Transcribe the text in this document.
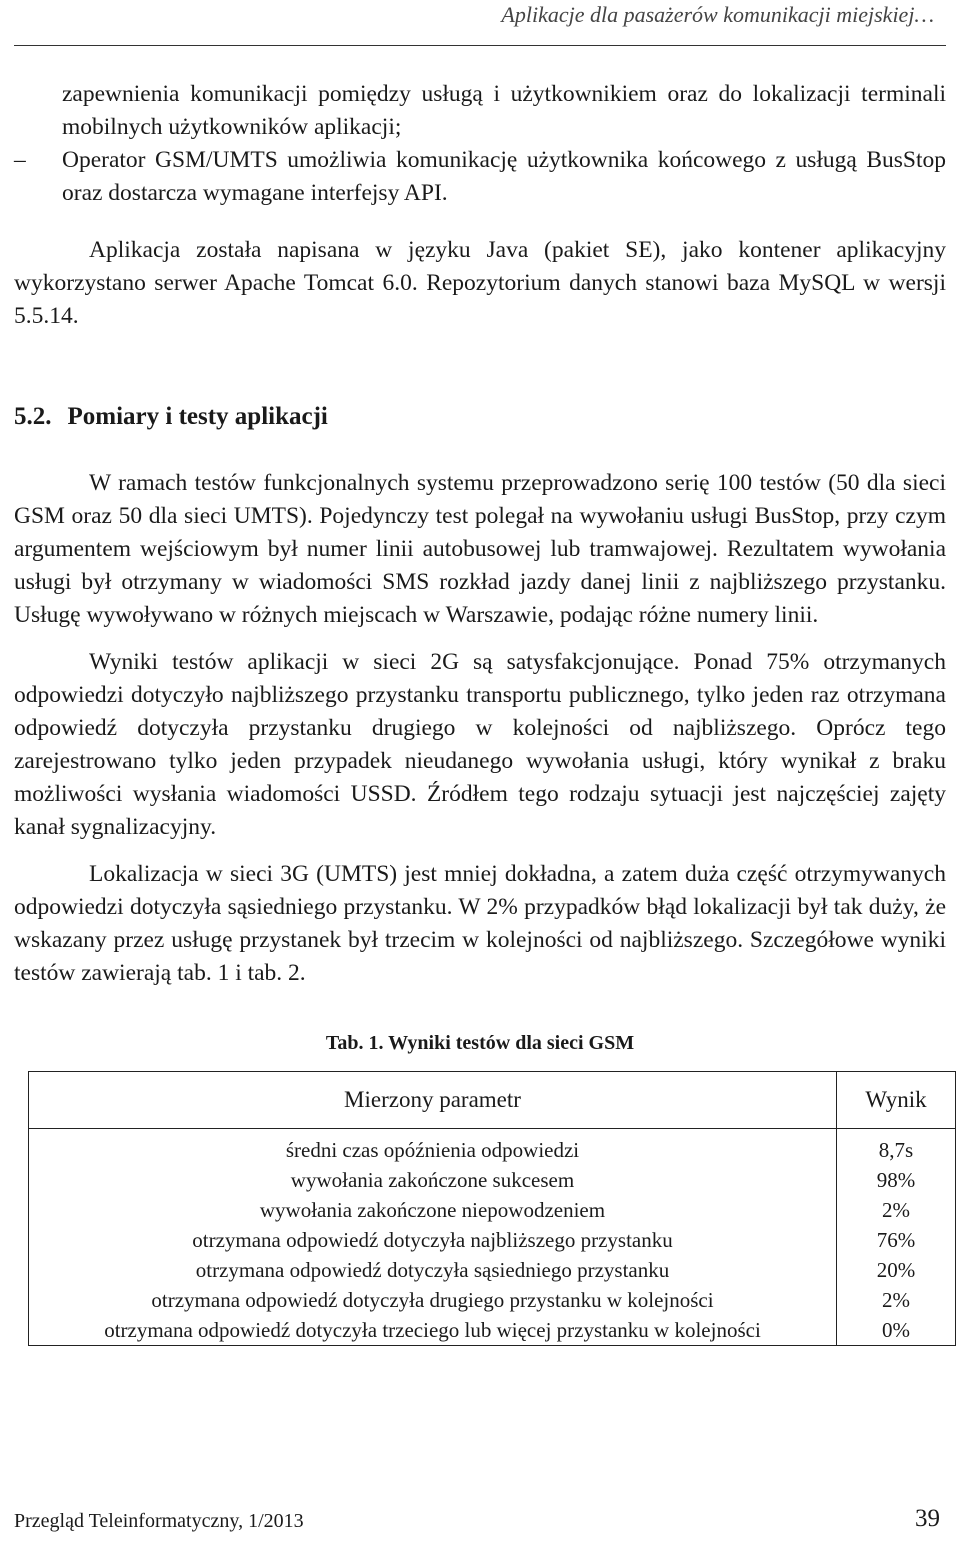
Aplikacje dla pasażerów komunikacji miejskiej…

zapewnienia komunikacji pomiędzy usługą i użytkownikiem oraz do lokalizacji terminali mobilnych użytkowników aplikacji;

–	Operator GSM/UMTS umożliwia komunikację użytkownika końcowego z usługą BusStop oraz dostarcza wymagane interfejsy API.

Aplikacja została napisana w języku Java (pakiet SE), jako kontener aplikacyjny wykorzystano serwer Apache Tomcat 6.0. Repozytorium danych stanowi baza MySQL w wersji 5.5.14.

5.2. Pomiary i testy aplikacji

W ramach testów funkcjonalnych systemu przeprowadzono serię 100 testów (50 dla sieci GSM oraz 50 dla sieci UMTS). Pojedynczy test polegał na wywołaniu usługi BusStop, przy czym argumentem wejściowym był numer linii autobusowej lub tramwajowej. Rezultatem wywołania usługi był otrzymany w wiadomości SMS rozkład jazdy danej linii z najbliższego przystanku. Usługę wywoływano w różnych miejscach w Warszawie, podając różne numery linii.

Wyniki testów aplikacji w sieci 2G są satysfakcjonujące. Ponad 75% otrzymanych odpowiedzi dotyczyło najbliższego przystanku transportu publicznego, tylko jeden raz otrzymana odpowiedź dotyczyła przystanku drugiego w kolejności od najbliższego. Oprócz tego zarejestrowano tylko jeden przypadek nieudanego wywołania usługi, który wynikał z braku możliwości wysłania wiadomości USSD. Źródłem tego rodzaju sytuacji jest najczęściej zajęty kanał sygnalizacyjny.

Lokalizacja w sieci 3G (UMTS) jest mniej dokładna, a zatem duża część otrzymywanych odpowiedzi dotyczyła sąsiedniego przystanku. W 2% przypadków błąd lokalizacji był tak duży, że wskazany przez usługę przystanek był trzecim w kolejności od najbliższego. Szczegółowe wyniki testów zawierają tab. 1 i tab. 2.

Tab. 1. Wyniki testów dla sieci GSM

Mierzony parametr	Wynik
średni czas opóźnienia odpowiedzi	8,7s
wywołania zakończone sukcesem	98%
wywołania zakończone niepowodzeniem	2%
otrzymana odpowiedź dotyczyła najbliższego przystanku	76%
otrzymana odpowiedź dotyczyła sąsiedniego przystanku	20%
otrzymana odpowiedź dotyczyła drugiego przystanku w kolejności	2%
otrzymana odpowiedź dotyczyła trzeciego lub więcej przystanku w kolejności	0%
Przegląd Teleinformatyczny, 1/2013	39
